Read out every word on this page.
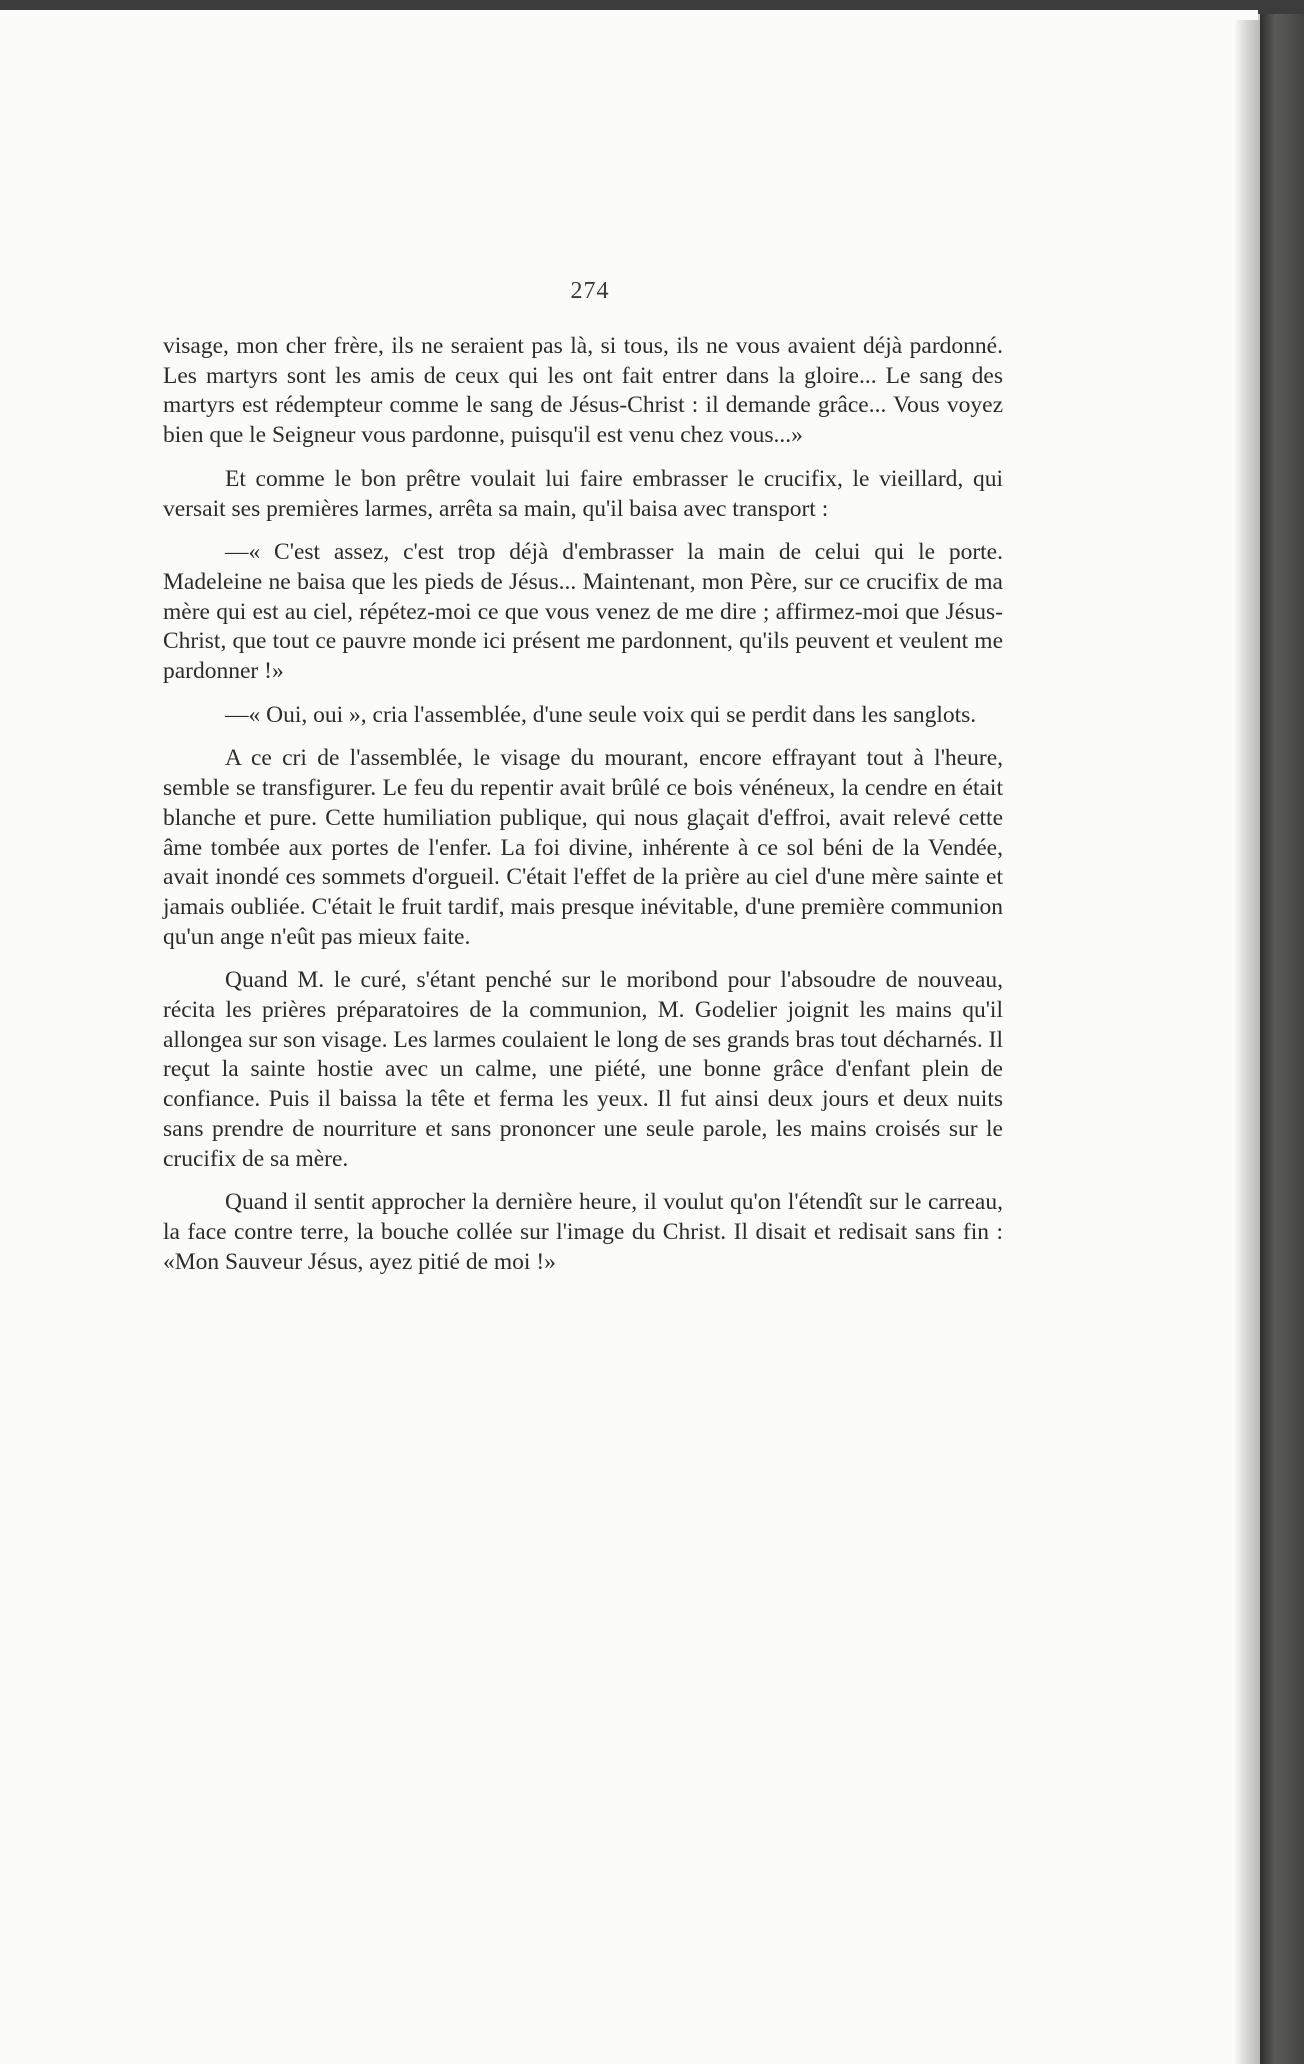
274

visage, mon cher frère, ils ne seraient pas là, si tous, ils ne vous avaient déjà pardonné. Les martyrs sont les amis de ceux qui les ont fait entrer dans la gloire... Le sang des martyrs est rédempteur comme le sang de Jésus-Christ : il demande grâce... Vous voyez bien que le Seigneur vous pardonne, puisqu'il est venu chez vous...»

Et comme le bon prêtre voulait lui faire embrasser le crucifix, le vieillard, qui versait ses premières larmes, arrêta sa main, qu'il baisa avec transport :

—« C'est assez, c'est trop déjà d'embrasser la main de celui qui le porte. Madeleine ne baisa que les pieds de Jésus... Maintenant, mon Père, sur ce crucifix de ma mère qui est au ciel, répétez-moi ce que vous venez de me dire ; affirmez-moi que Jésus-Christ, que tout ce pauvre monde ici présent me pardonnent, qu'ils peuvent et veulent me pardonner !»

—« Oui, oui », cria l'assemblée, d'une seule voix qui se perdit dans les sanglots.

A ce cri de l'assemblée, le visage du mourant, encore effrayant tout à l'heure, semble se transfigurer. Le feu du repentir avait brûlé ce bois vénéneux, la cendre en était blanche et pure. Cette humiliation publique, qui nous glaçait d'effroi, avait relevé cette âme tombée aux portes de l'enfer. La foi divine, inhérente à ce sol béni de la Vendée, avait inondé ces sommets d'orgueil. C'était l'effet de la prière au ciel d'une mère sainte et jamais oubliée. C'était le fruit tardif, mais presque inévitable, d'une première communion qu'un ange n'eût pas mieux faite.

Quand M. le curé, s'étant penché sur le moribond pour l'absoudre de nouveau, récita les prières préparatoires de la communion, M. Godelier joignit les mains qu'il allongea sur son visage. Les larmes coulaient le long de ses grands bras tout décharnés. Il reçut la sainte hostie avec un calme, une piété, une bonne grâce d'enfant plein de confiance. Puis il baissa la tête et ferma les yeux. Il fut ainsi deux jours et deux nuits sans prendre de nourriture et sans prononcer une seule parole, les mains croisés sur le crucifix de sa mère.

Quand il sentit approcher la dernière heure, il voulut qu'on l'étendît sur le carreau, la face contre terre, la bouche collée sur l'image du Christ. Il disait et redisait sans fin : «Mon Sauveur Jésus, ayez pitié de moi !»
